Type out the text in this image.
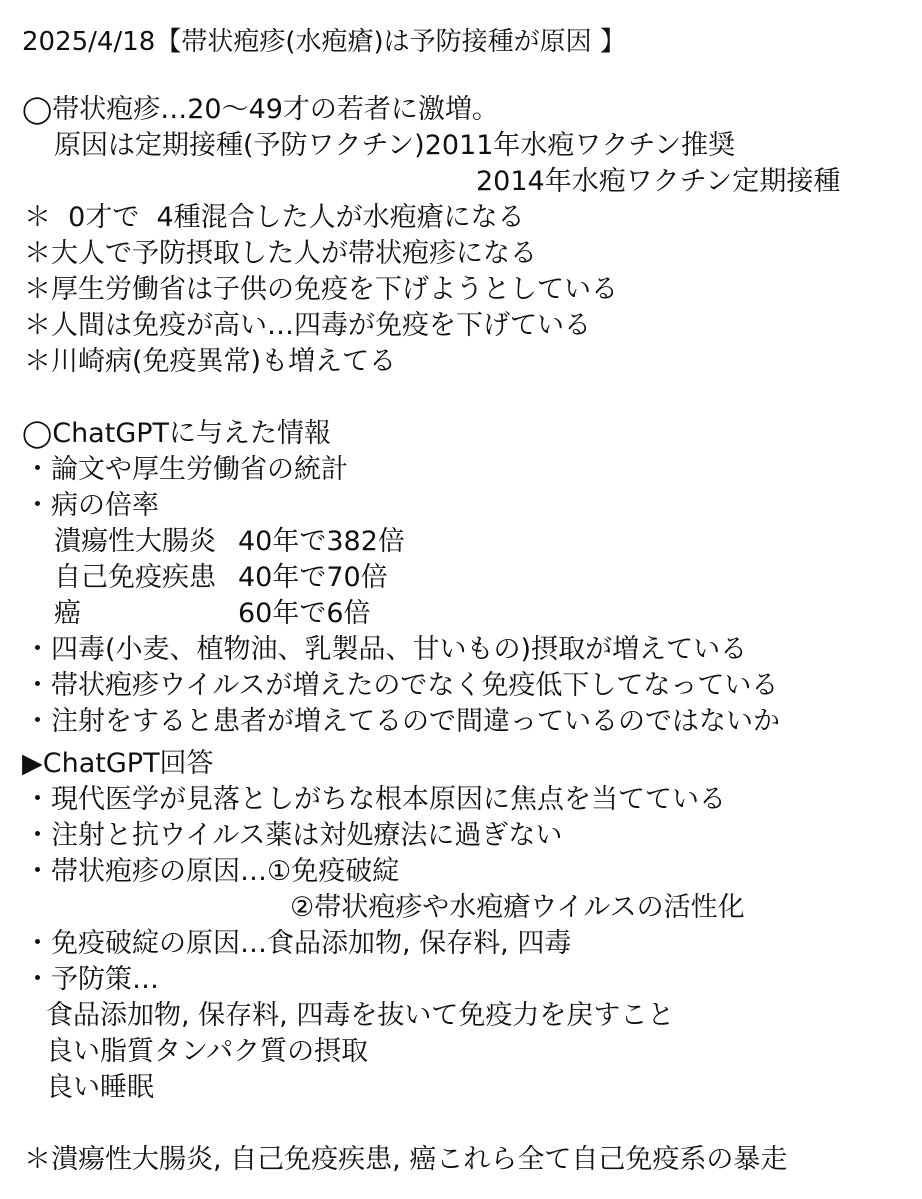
2025/4/18【帯状疱疹(水疱瘡)は予防接種が原因 】
◯帯状疱疹…20〜49才の若者に激増。
原因は定期接種(予防ワクチン)2011年水疱ワクチン推奨
2014年水疱ワクチン定期接種
＊  0才で  4種混合した人が水疱瘡になる
＊大人で予防摂取した人が帯状疱疹になる
＊厚生労働省は子供の免疫を下げようとしている
＊人間は免疫が高い…四毒が免疫を下げている
＊川崎病(免疫異常)も増えてる
◯ChatGPTに与えた情報
・論文や厚生労働省の統計
・病の倍率
潰瘍性大腸炎 40年で382倍
自己免疫疾患 40年で70倍
癌	60年で6倍
・四毒(小麦、植物油、乳製品、甘いもの)摂取が増えている
・帯状疱疹ウイルスが増えたのでなく免疫低下してなっている
・注射をすると患者が増えてるので間違っているのではないか
▶ChatGPT回答
・現代医学が見落としがちな根本原因に焦点を当てている
・注射と抗ウイルス薬は対処療法に過ぎない
・帯状疱疹の原因…①免疫破綻
②帯状疱疹や水疱瘡ウイルスの活性化
・免疫破綻の原因…食品添加物, 保存料, 四毒
・予防策…
食品添加物, 保存料, 四毒を抜いて免疫力を戻すこと
良い脂質タンパク質の摂取
良い睡眠
＊潰瘍性大腸炎, 自己免疫疾患, 癌これら全て自己免疫系の暴走
